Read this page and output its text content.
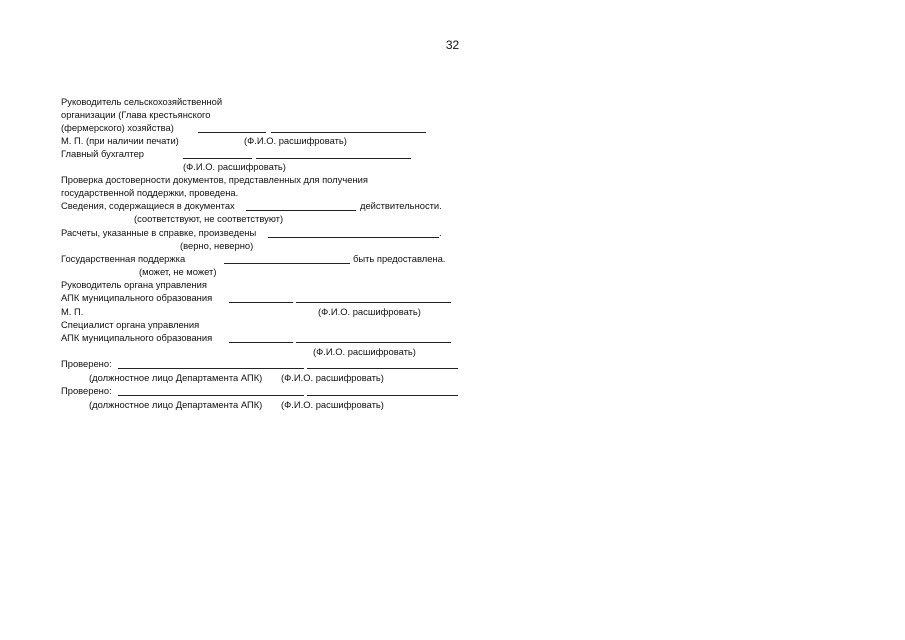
32
Руководитель сельскохозяйственной
организации (Глава крестьянского
(фермерского) хозяйства)
М. П. (при наличии печати)	(Ф.И.О. расшифровать)
Главный бухгалтер
(Ф.И.О. расшифровать)
Проверка достоверности документов, представленных для получения
государственной поддержки, проведена.
Сведения, содержащиеся в документах	действительности.
(соответствуют, не соответствуют)
Расчеты, указанные в справке, произведены	.
(верно, неверно)
Государственная поддержка	быть предоставлена.
(может, не может)
Руководитель органа управления
АПК муниципального образования
М. П.	(Ф.И.О. расшифровать)
Специалист органа управления
АПК муниципального образования
(Ф.И.О. расшифровать)
Проверено:
(должностное лицо Департамента АПК) (Ф.И.О. расшифровать)
Проверено:
(должностное лицо Департамента АПК) (Ф.И.О. расшифровать)
